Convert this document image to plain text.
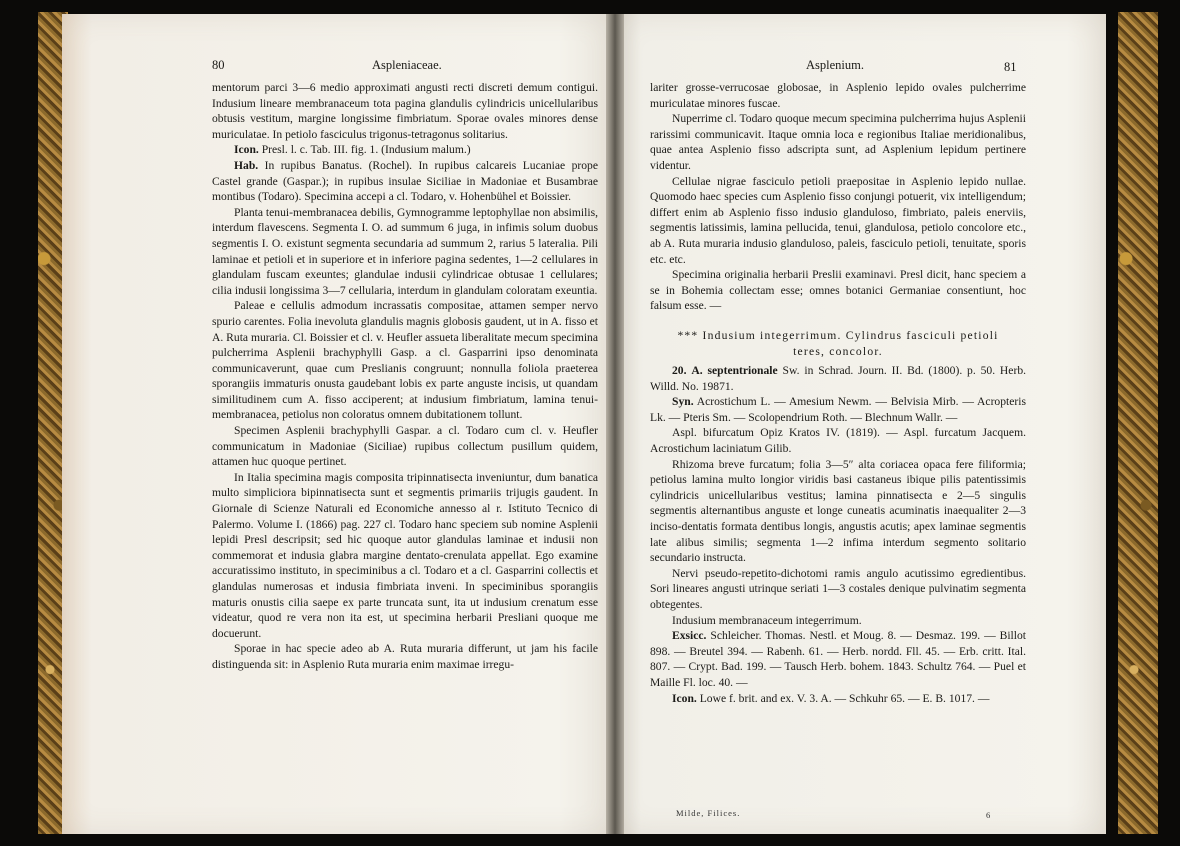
80	Aspleniaceae.

mentorum parci 3—6 medio approximati angusti recti discreti demum contigui. Indusium lineare membranaceum tota pagina glandulis cylindricis unicellularibus obtusis vestitum, margine longissime fimbriatum. Sporae ovales minores dense muriculatae. In petiolo fasciculus trigonus-tetragonus solitarius.

Icon. Presl. l. c. Tab. III. fig. 1. (Indusium malum.)

Hab. In rupibus Banatus. (Rochel). In rupibus calcareis Lucaniae prope Castel grande (Gaspar.); in rupibus insulae Siciliae in Madoniae et Busambrae montibus (Todaro). Specimina accepi a cl. Todaro, v. Hohenbühel et Boissier.

Planta tenui-membranacea debilis, Gymnogramme leptophyllae non absimilis, interdum flavescens. Segmenta I. O. ad summum 6 juga, in infimis solum duobus segmentis I. O. existunt segmenta secundaria ad summum 2, rarius 5 lateralia. Pili laminae et petioli et in superiore et in inferiore pagina sedentes, 1—2 cellulares in glandulam fuscam exeuntes; glandulae indusii cylindricae obtusae 1 cellulares; cilia indusii longissima 3—7 cellularia, interdum in glandulam coloratam exeuntia.

Paleae e cellulis admodum incrassatis compositae, attamen semper nervo spurio carentes. Folia inevoluta glandulis magnis globosis gaudent, ut in A. fisso et A. Ruta muraria. Cl. Boissier et cl. v. Heufler assueta liberalitate mecum specimina pulcherrima Asplenii brachyphylli Gasp. a cl. Gasparrini ipso denominata communicaverunt, quae cum Preslianis congruunt; nonnulla foliola praeterea sporangiis immaturis onusta gaudebant lobis ex parte anguste incisis, ut quandam similitudinem cum A. fisso acciperent; at indusium fimbriatum, lamina tenui-membranacea, petiolus non coloratus omnem dubitationem tollunt.

Specimen Asplenii brachyphylli Gaspar. a cl. Todaro cum cl. v. Heufler communicatum in Madoniae (Siciliae) rupibus collectum pusillum quidem, attamen huc quoque pertinet.

In Italia specimina magis composita tripinnatisecta inveniuntur, dum banatica multo simpliciora bipinnatisecta sunt et segmentis primariis trijugis gaudent. In Giornale di Scienze Naturali ed Economiche annesso al r. Istituto Tecnico di Palermo. Volume I. (1866) pag. 227 cl. Todaro hanc speciem sub nomine Asplenii lepidi Presl descripsit; sed hic quoque autor glandulas laminae et indusii non commemorat et indusia glabra margine dentato-crenulata appellat. Ego examine accuratissimo instituto, in speciminibus a cl. Todaro et a cl. Gasparrini collectis et glandulas numerosas et indusia fimbriata inveni. In speciminibus sporangiis maturis onustis cilia saepe ex parte truncata sunt, ita ut indusium crenatum esse videatur, quod re vera non ita est, ut specimina herbarii Presliani quoque me docuerunt.

Sporae in hac specie adeo ab A. Ruta muraria differunt, ut jam his facile distinguenda sit: in Asplenio Ruta muraria enim maximae irregu-

Asplenium.	81

lariter grosse-verrucosae globosae, in Asplenio lepido ovales pulcherrime muriculatae minores fuscae.

Nuperrime cl. Todaro quoque mecum specimina pulcherrima hujus Asplenii rarissimi communicavit. Itaque omnia loca e regionibus Italiae meridionalibus, quae antea Asplenio fisso adscripta sunt, ad Asplenium lepidum pertinere videntur.

Cellulae nigrae fasciculo petioli praepositae in Asplenio lepido nullae. Quomodo haec species cum Asplenio fisso conjungi potuerit, vix intelligendum; differt enim ab Asplenio fisso indusio glanduloso, fimbriato, paleis enerviis, segmentis latissimis, lamina pellucida, tenui, glandulosa, petiolo concolore etc., ab A. Ruta muraria indusio glanduloso, paleis, fasciculo petioli, tenuitate, sporis etc. etc.

Specimina originalia herbarii Preslii examinavi. Presl dicit, hanc speciem a se in Bohemia collectam esse; omnes botanici Germaniae consentiunt, hoc falsum esse. —

*** Indusium integerrimum. Cylindrus fasciculi petioli

teres, concolor.

20. A. septentrionale Sw. in Schrad. Journ. II. Bd. (1800). p. 50. Herb. Willd. No. 19871.

Syn. Acrostichum L. — Amesium Newm. — Belvisia Mirb. — Acropteris Lk. — Pteris Sm. — Scolopendrium Roth. — Blechnum Wallr. —

Aspl. bifurcatum Opiz Kratos IV. (1819). — Aspl. furcatum Jacquem. Acrostichum laciniatum Gilib.

Rhizoma breve furcatum; folia 3—5″ alta coriacea opaca fere filiformia; petiolus lamina multo longior viridis basi castaneus ibique pilis patentissimis cylindricis unicellularibus vestitus; lamina pinnatisecta e 2—5 singulis segmentis alternantibus anguste et longe cuneatis acuminatis inaequaliter 2—3 inciso-dentatis formata dentibus longis, angustis acutis; apex laminae segmentis late alibus similis; segmenta 1—2 infima interdum segmento solitario secundario instructa.

Nervi pseudo-repetito-dichotomi ramis angulo acutissimo egredientibus. Sori lineares angusti utrinque seriati 1—3 costales denique pulvinatim segmenta obtegentes.

Indusium membranaceum integerrimum.

Exsicc. Schleicher. Thomas. Nestl. et Moug. 8. — Desmaz. 199. — Billot 898. — Breutel 394. — Rabenh. 61. — Herb. nordd. Fll. 45. — Erb. critt. Ital. 807. — Crypt. Bad. 199. — Tausch Herb. bohem. 1843. Schultz 764. — Puel et Maille Fl. loc. 40. —

Icon. Lowe f. brit. and ex. V. 3. A. — Schkuhr 65. — E. B. 1017. —

Milde, Filices.	6
